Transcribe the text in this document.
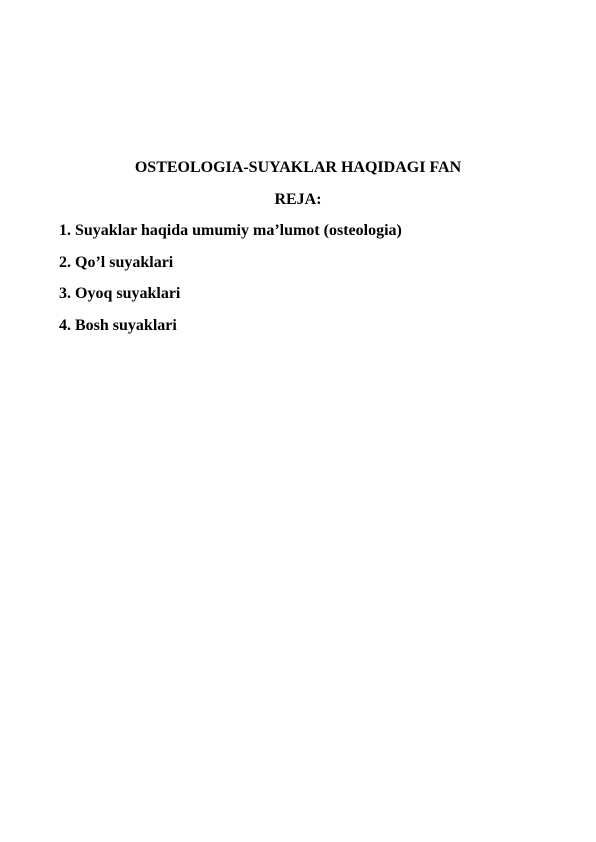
OSTEOLOGIA-SUYAKLAR HAQIDAGI FAN
REJA:
1. Suyaklar haqida umumiy ma’lumot (osteologia)
2. Qo’l suyaklari
3. Oyoq suyaklari
4. Bosh suyaklari
